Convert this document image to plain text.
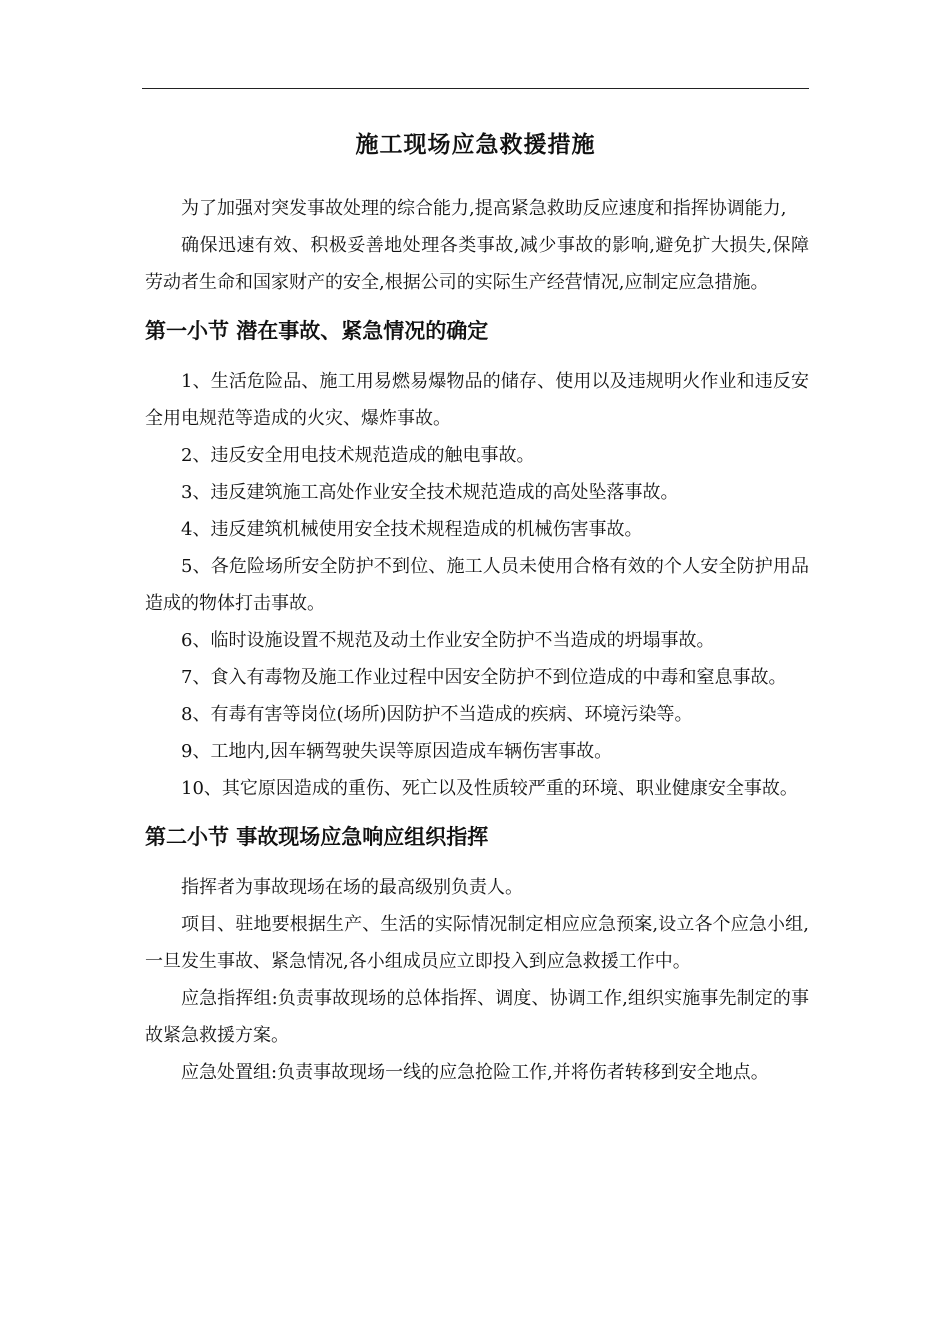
施工现场应急救援措施

为了加强对突发事故处理的综合能力,提高紧急救助反应速度和指挥协调能力,

确保迅速有效、积极妥善地处理各类事故,减少事故的影响,避免扩大损失,保障劳动者生命和国家财产的安全,根据公司的实际生产经营情况,应制定应急措施。

第一小节 潜在事故、紧急情况的确定
1、生活危险品、施工用易燃易爆物品的储存、使用以及违规明火作业和违反安全用电规范等造成的火灾、爆炸事故。
2、违反安全用电技术规范造成的触电事故。
3、违反建筑施工高处作业安全技术规范造成的高处坠落事故。
4、违反建筑机械使用安全技术规程造成的机械伤害事故。
5、各危险场所安全防护不到位、施工人员未使用合格有效的个人安全防护用品造成的物体打击事故。
6、临时设施设置不规范及动土作业安全防护不当造成的坍塌事故。
7、食入有毒物及施工作业过程中因安全防护不到位造成的中毒和窒息事故。
8、有毒有害等岗位(场所)因防护不当造成的疾病、环境污染等。
9、工地内,因车辆驾驶失误等原因造成车辆伤害事故。
10、其它原因造成的重伤、死亡以及性质较严重的环境、职业健康安全事故。
第二小节 事故现场应急响应组织指挥

指挥者为事故现场在场的最高级别负责人。

项目、驻地要根据生产、生活的实际情况制定相应应急预案,设立各个应急小组,一旦发生事故、紧急情况,各小组成员应立即投入到应急救援工作中。

应急指挥组:负责事故现场的总体指挥、调度、协调工作,组织实施事先制定的事故紧急救援方案。

应急处置组:负责事故现场一线的应急抢险工作,并将伤者转移到安全地点。
